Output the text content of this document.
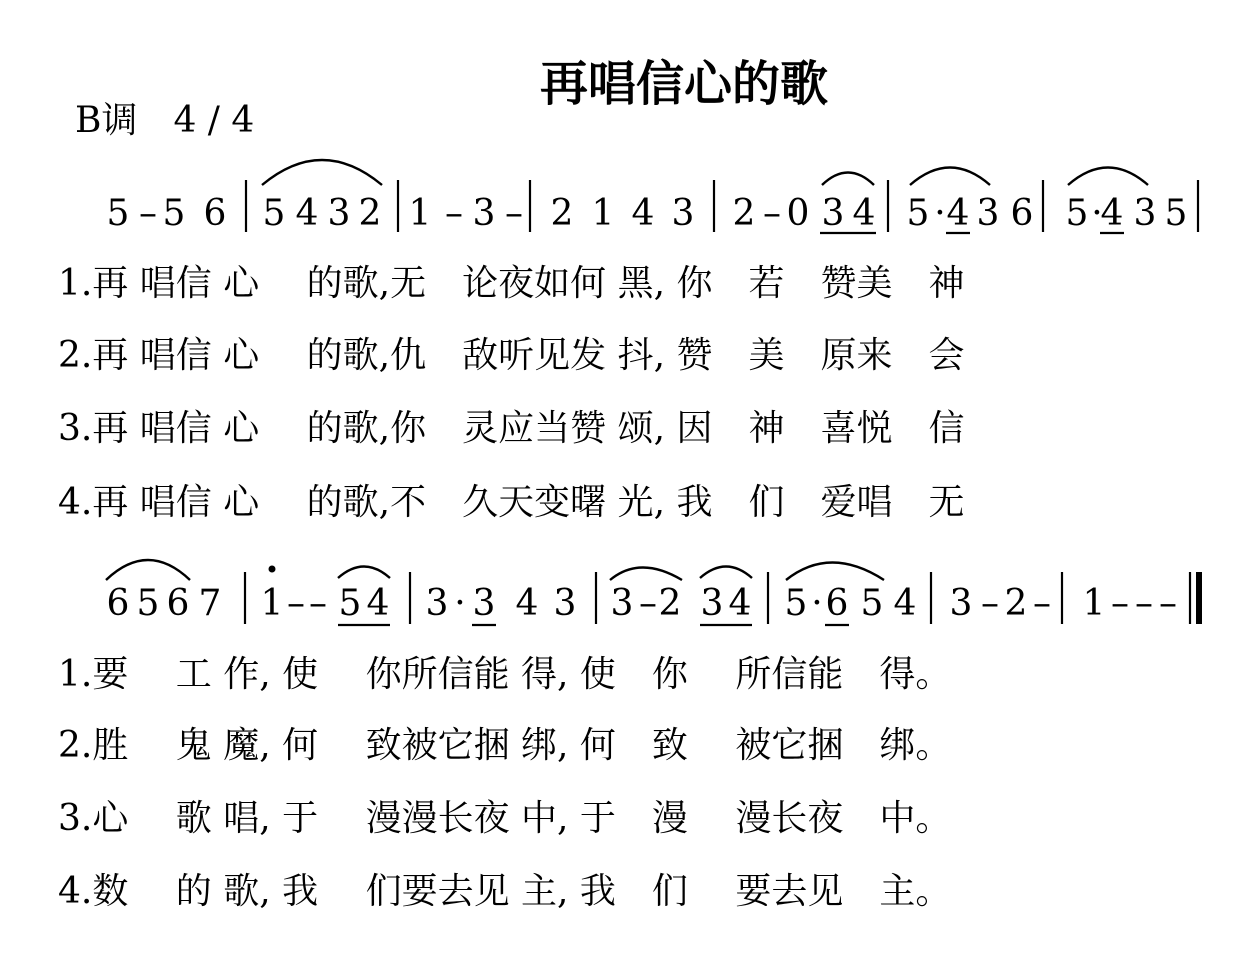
再唱信心的歌
B调　4 / 4
5 – 5 6 5 4 3 2 1 – 3 – 2 1 4 3 2 – 0 3 4 5 · 4 3 6 5 ·
4 3 5
6 5 6 7 1 – – 5 4 3 · 3 4 3 3 – 2 3 4 5 · 6 5 4 3 – 2 – 1 – – –
1.再 唱信 心　 的歌,无　论夜如何 黑, 你　若　赞美　神
2.再 唱信 心　 的歌,仇　敌听见发 抖, 赞　美　原来　会
3.再 唱信 心　 的歌,你　灵应当赞 颂, 因　神　喜悦　信
4.再 唱信 心　 的歌,不　久天变曙 光, 我　们　爱唱　无
1.要　 工 作, 使　 你所信能 得, 使　你　 所信能　得。
2.胜　 鬼 魔, 何　 致被它捆 绑, 何　致　 被它捆　绑。
3.心　 歌 唱, 于　 漫漫长夜 中, 于　漫　 漫长夜　中。
4.数　 的 歌, 我　 们要去见 主, 我　们　 要去见　主。
